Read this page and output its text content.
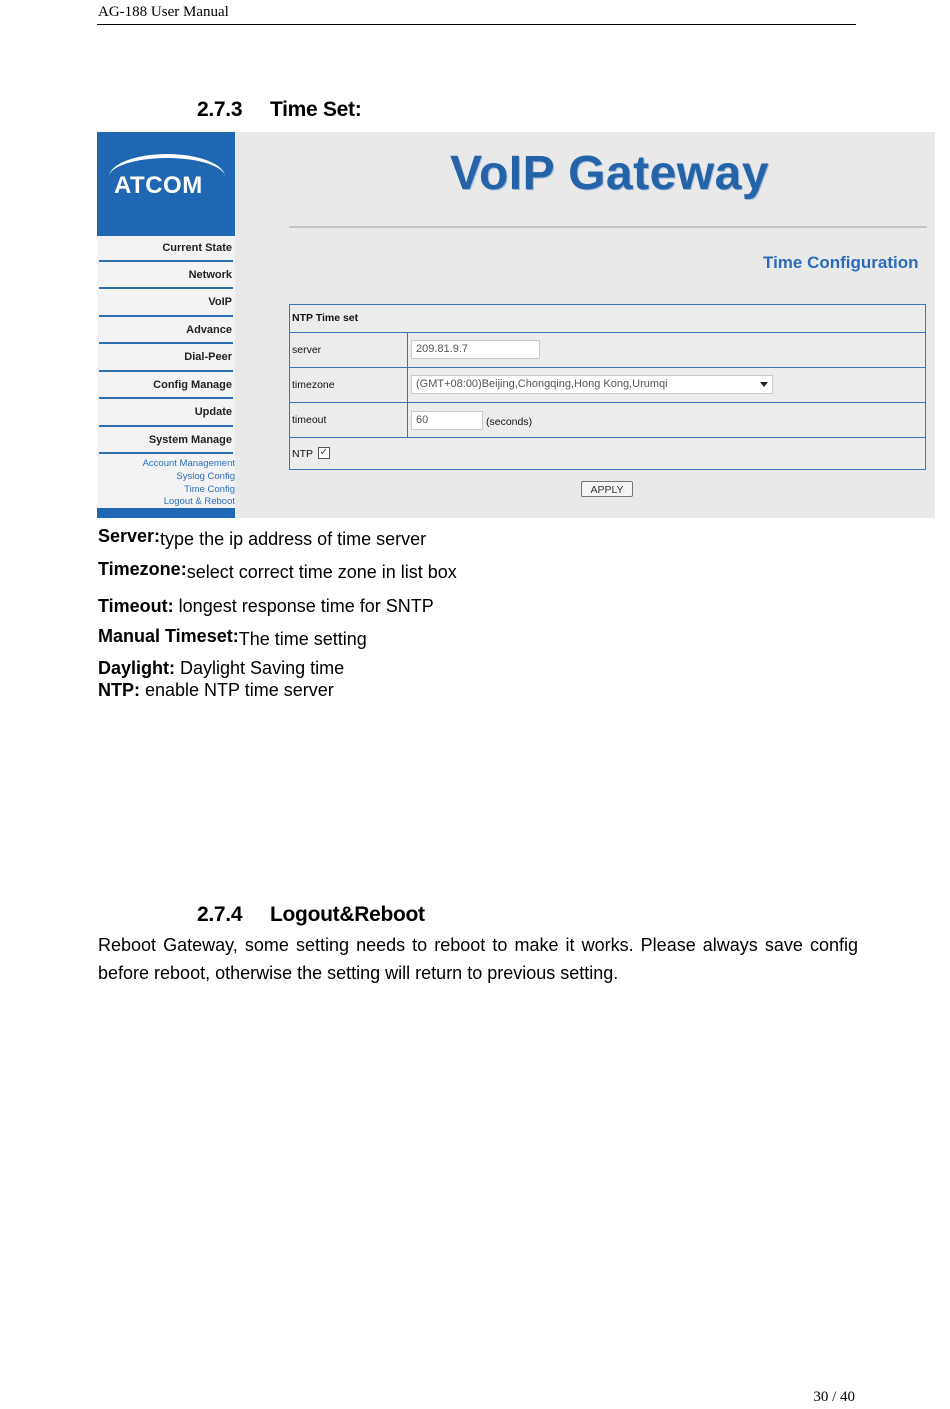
AG-188 User Manual
2.7.3 Time Set:
ATCOM
Current State
Network
VoIP
Advance
Dial-Peer
Config Manage
Update
System Manage
Account Management
Syslog Config
Time Config
Logout & Reboot
VoIP Gateway
Time Configuration
NTP Time set
server	209.81.9.7
timezone	(GMT+08:00)Beijing,Chongqing,Hong Kong,Urumqi
timeout	60	(seconds)
NTP ✓
APPLY
Server:type the ip address of time server
Timezone:select correct time zone in list box
Timeout: longest response time for SNTP
Manual Timeset:The time setting
Daylight: Daylight Saving time
NTP: enable NTP time server
2.7.4 Logout&Reboot
Reboot Gateway, some setting needs to reboot to make it works. Please always save config before reboot, otherwise the setting will return to previous setting.
30 / 40
